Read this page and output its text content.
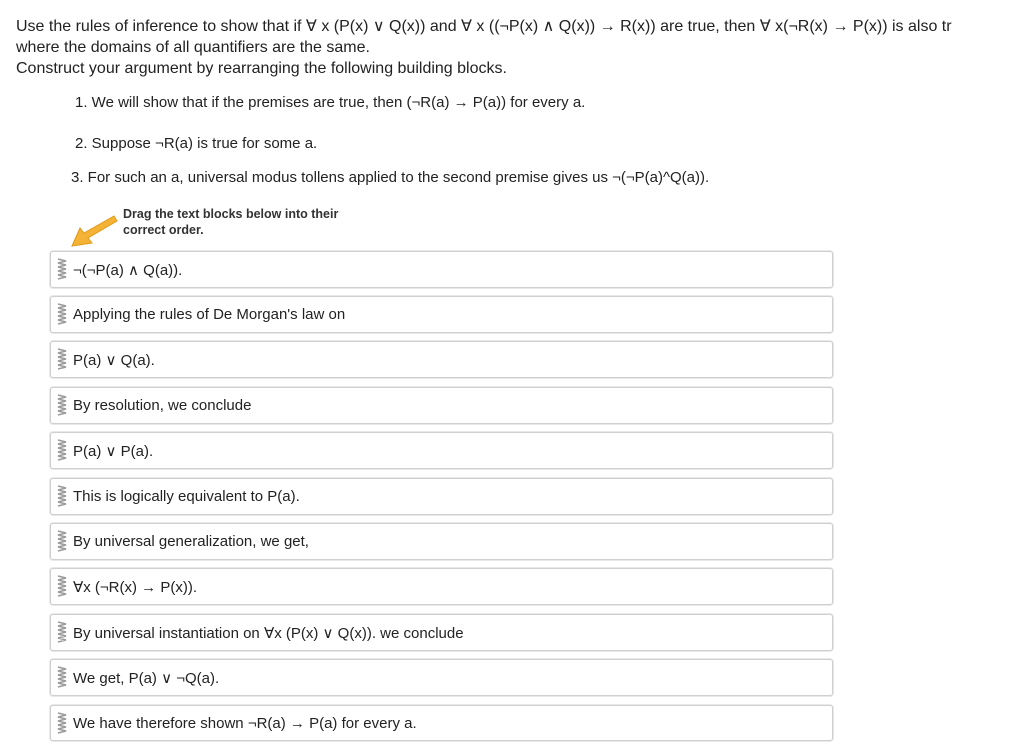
Use the rules of inference to show that if ∀ x (P(x) ∨ Q(x)) and ∀ x ((¬P(x) ∧ Q(x)) → R(x)) are true, then ∀ x(¬R(x) → P(x)) is also tr
where the domains of all quantifiers are the same.
Construct your argument by rearranging the following building blocks.
1. We will show that if the premises are true, then (¬R(a) → P(a)) for every a.
2. Suppose ¬R(a) is true for some a.
3. For such an a, universal modus tollens applied to the second premise gives us ¬(¬P(a)^Q(a)).
Drag the text blocks below into their
correct order.
¬(¬P(a) ∧ Q(a)).
Applying the rules of De Morgan's law on
P(a) ∨ Q(a).
By resolution, we conclude
P(a) ∨ P(a).
This is logically equivalent to P(a).
By universal generalization, we get,
∀x (¬R(x) → P(x)).
By universal instantiation on ∀x (P(x) ∨ Q(x)). we conclude
We get, P(a) ∨ ¬Q(a).
We have therefore shown ¬R(a) → P(a) for every a.
